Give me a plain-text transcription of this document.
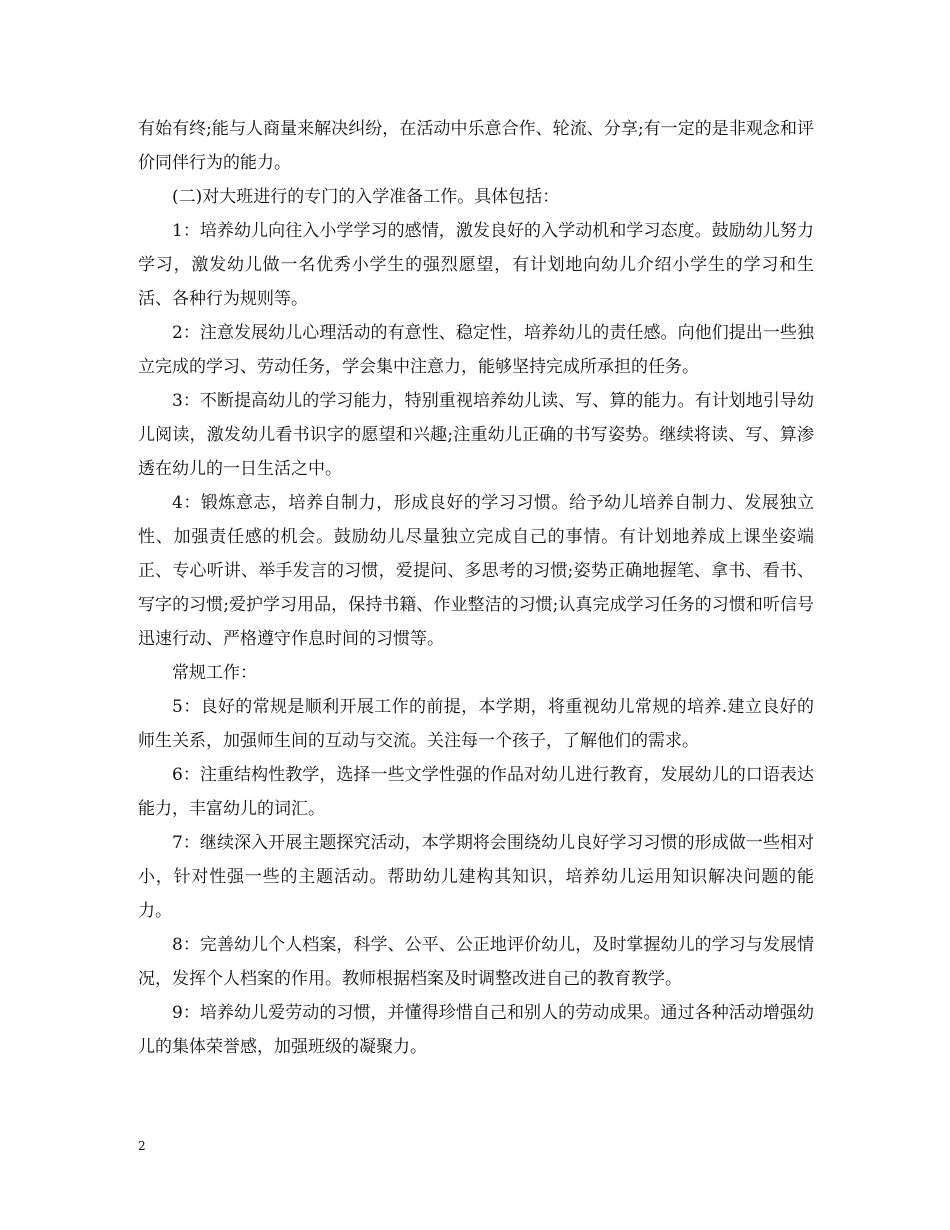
有始有终;能与人商量来解决纠纷，在活动中乐意合作、轮流、分享;有一定的是非观念和评价同伴行为的能力。

(二)对大班进行的专门的入学准备工作。具体包括：

1：培养幼儿向往入小学学习的感情，激发良好的入学动机和学习态度。鼓励幼儿努力学习，激发幼儿做一名优秀小学生的强烈愿望，有计划地向幼儿介绍小学生的学习和生活、各种行为规则等。

2：注意发展幼儿心理活动的有意性、稳定性，培养幼儿的责任感。向他们提出一些独立完成的学习、劳动任务，学会集中注意力，能够坚持完成所承担的任务。

3：不断提高幼儿的学习能力，特别重视培养幼儿读、写、算的能力。有计划地引导幼儿阅读，激发幼儿看书识字的愿望和兴趣;注重幼儿正确的书写姿势。继续将读、写、算渗透在幼儿的一日生活之中。

4：锻炼意志，培养自制力，形成良好的学习习惯。给予幼儿培养自制力、发展独立性、加强责任感的机会。鼓励幼儿尽量独立完成自己的事情。有计划地养成上课坐姿端正、专心听讲、举手发言的习惯，爱提问、多思考的习惯;姿势正确地握笔、拿书、看书、写字的习惯;爱护学习用品，保持书籍、作业整洁的习惯;认真完成学习任务的习惯和听信号迅速行动、严格遵守作息时间的习惯等。

常规工作：

5：良好的常规是顺利开展工作的前提，本学期，将重视幼儿常规的培养.建立良好的师生关系，加强师生间的互动与交流。关注每一个孩子，了解他们的需求。

6：注重结构性教学，选择一些文学性强的作品对幼儿进行教育，发展幼儿的口语表达能力，丰富幼儿的词汇。

7：继续深入开展主题探究活动，本学期将会围绕幼儿良好学习习惯的形成做一些相对小，针对性强一些的主题活动。帮助幼儿建构其知识，培养幼儿运用知识解决问题的能力。

8：完善幼儿个人档案，科学、公平、公正地评价幼儿，及时掌握幼儿的学习与发展情况，发挥个人档案的作用。教师根据档案及时调整改进自己的教育教学。

9：培养幼儿爱劳动的习惯，并懂得珍惜自己和别人的劳动成果。通过各种活动增强幼儿的集体荣誉感，加强班级的凝聚力。

2
